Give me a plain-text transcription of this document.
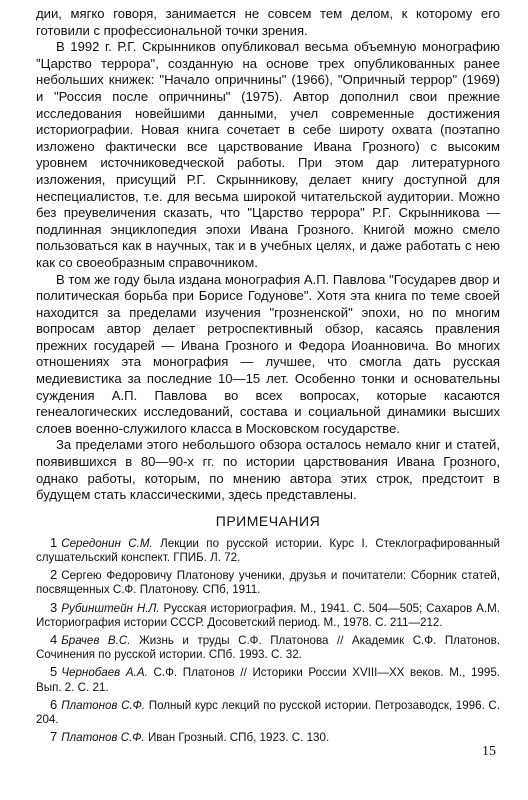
дии, мягко говоря, занимается не совсем тем делом, к которому его готовили с профессиональной точки зрения.

В 1992 г. Р.Г. Скрынников опубликовал весьма объемную монографию "Царство террора", созданную на основе трех опубликованных ранее небольших книжек: "Начало опричнины" (1966), "Опричный террор" (1969) и "Россия после опричнины" (1975). Автор дополнил свои прежние исследования новейшими данными, учел современные достижения историографии. Новая книга сочетает в себе широту охвата (поэтапно изложено фактически все царствование Ивана Грозного) с высоким уровнем источниковедческой работы. При этом дар литературного изложения, присущий Р.Г. Скрынникову, делает книгу доступной для неспециалистов, т.е. для весьма широкой читательской аудитории. Можно без преувеличения сказать, что "Царство террора" Р.Г. Скрынникова — подлинная энциклопедия эпохи Ивана Грозного. Книгой можно смело пользоваться как в научных, так и в учебных целях, и даже работать с нею как со своеобразным справочником.

В том же году была издана монография А.П. Павлова "Государев двор и политическая борьба при Борисе Годунове". Хотя эта книга по теме своей находится за пределами изучения "грозненской" эпохи, но по многим вопросам автор делает ретроспективный обзор, касаясь правления прежних государей — Ивана Грозного и Федора Иоанновича. Во многих отношениях эта монография — лучшее, что смогла дать русская медиевистика за последние 10—15 лет. Особенно тонки и основательны суждения А.П. Павлова во всех вопросах, которые касаются генеалогических исследований, состава и социальной динамики высших слоев военно-служилого класса в Московском государстве.

За пределами этого небольшого обзора осталось немало книг и статей, появившихся в 80—90-х гг. по истории царствования Ивана Грозного, однако работы, которым, по мнению автора этих строк, предстоит в будущем стать классическими, здесь представлены.

ПРИМЕЧАНИЯ
1 Середонин С.М. Лекции по русской истории. Курс I. Стеклографированный слушательский конспект. ГПИБ. Л. 72.
2 Сергею Федоровичу Платонову ученики, друзья и почитатели: Сборник статей, посвященных С.Ф. Платонову. СПб, 1911.
3 Рубинштейн Н.Л. Русская историография. М., 1941. С. 504—505; Сахаров А.М. Историография истории СССР. Досоветский период. М., 1978. С. 211—212.
4 Брачев В.С. Жизнь и труды С.Ф. Платонова // Академик С.Ф. Платонов. Сочинения по русской истории. СПб. 1993. С. 32.
5 Чернобаев А.А. С.Ф. Платонов // Историки России XVIII—XX веков. М., 1995. Вып. 2. С. 21.
6 Платонов С.Ф. Полный курс лекций по русской истории. Петрозаводск, 1996. С. 204.
7 Платонов С.Ф. Иван Грозный. СПб, 1923. С. 130.
15
